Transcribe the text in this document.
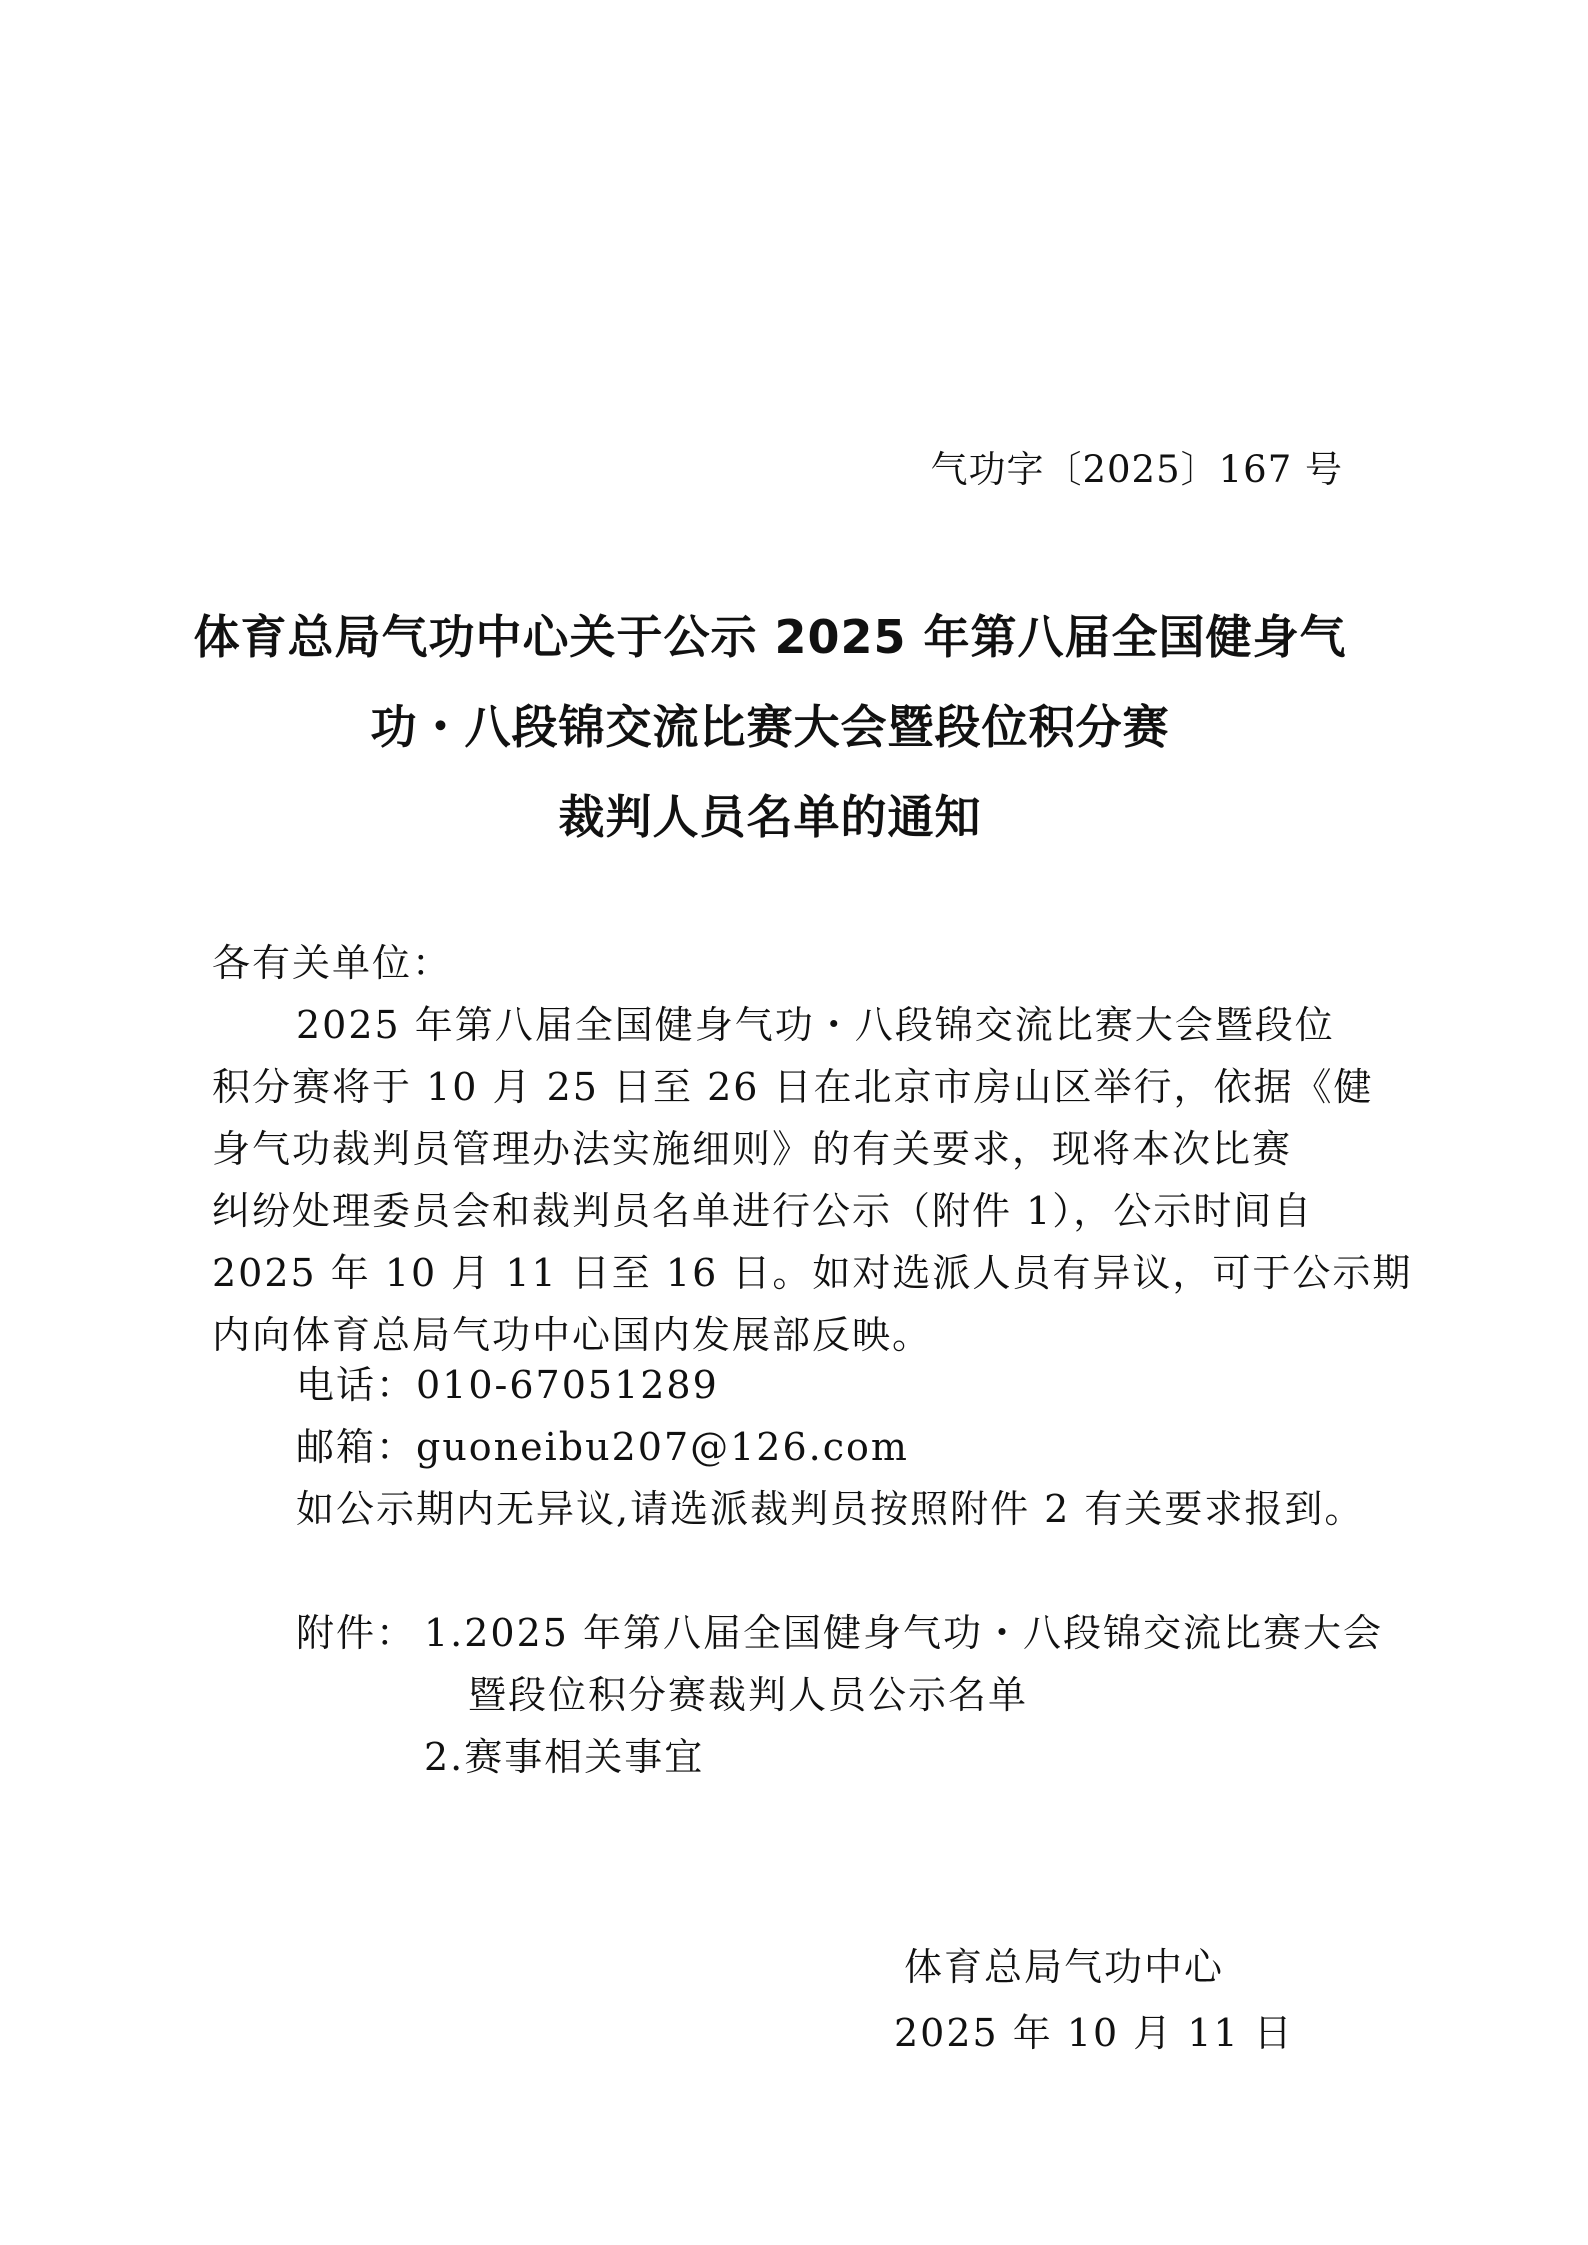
气功字〔2025〕167 号
体育总局气功中心关于公示 2025 年第八届全国健身气
功・八段锦交流比赛大会暨段位积分赛
裁判人员名单的通知
各有关单位：
2025 年第八届全国健身气功・八段锦交流比赛大会暨段位
积分赛将于 10 月 25 日至 26 日在北京市房山区举行，依据《健
身气功裁判员管理办法实施细则》的有关要求，现将本次比赛
纠纷处理委员会和裁判员名单进行公示（附件 1），公示时间自
2025 年 10 月 11 日至 16 日。如对选派人员有异议，可于公示期
内向体育总局气功中心国内发展部反映。
电话：010-67051289
邮箱：guoneibu207@126.com
如公示期内无异议,请选派裁判员按照附件 2 有关要求报到。
附件： 1.2025 年第八届全国健身气功・八段锦交流比赛大会
暨段位积分赛裁判人员公示名单
2.赛事相关事宜
体育总局气功中心
2025 年 10 月 11 日
